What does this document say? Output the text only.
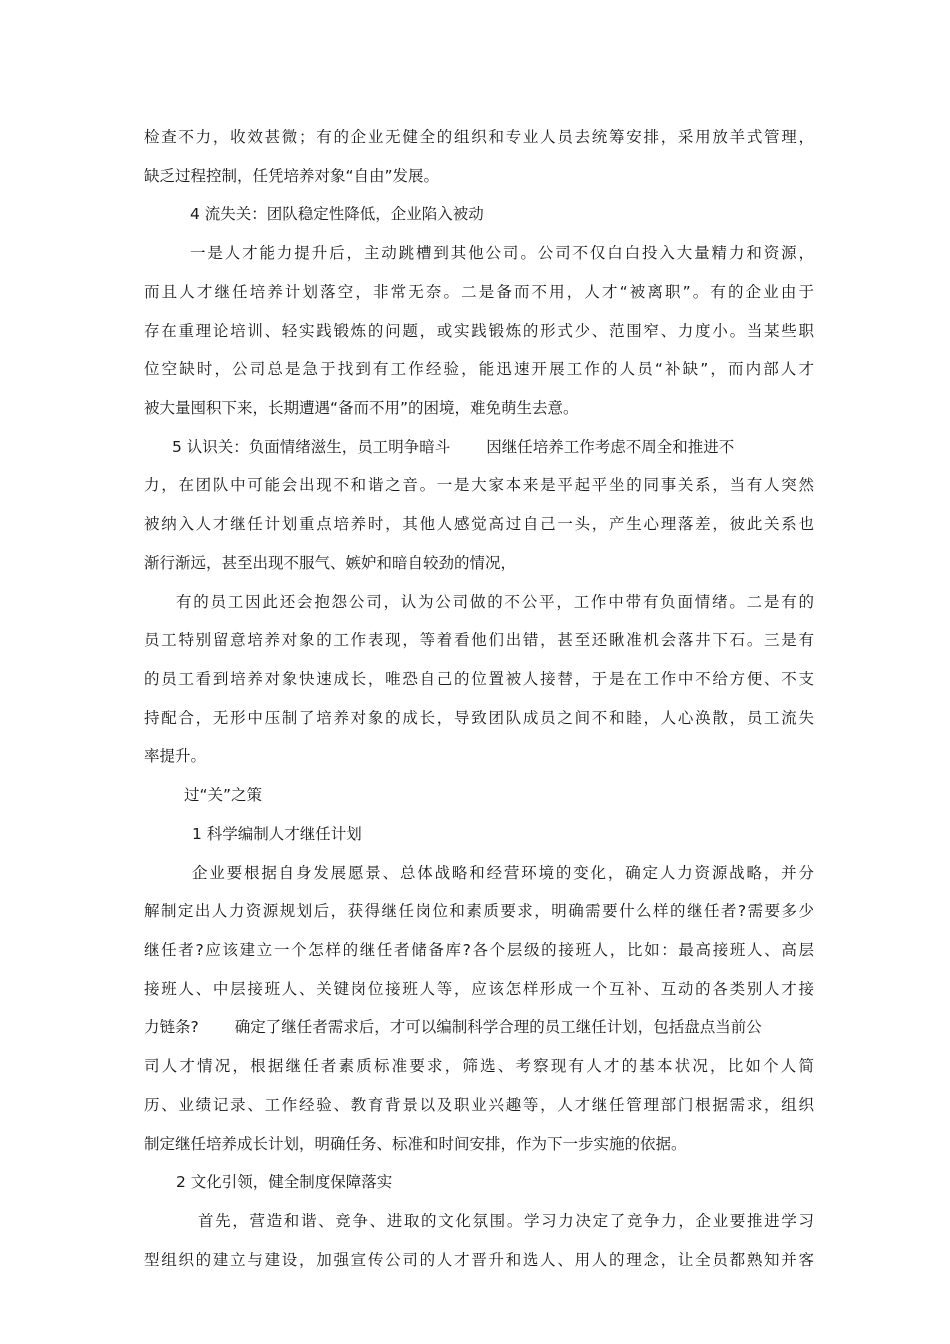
检查不力，收效甚微；有的企业无健全的组织和专业人员去统筹安排，采用放羊式管理，
缺乏过程控制，任凭培养对象“自由”发展。
4 流失关：团队稳定性降低，企业陷入被动
一是人才能力提升后，主动跳槽到其他公司。公司不仅白白投入大量精力和资源，
而且人才继任培养计划落空，非常无奈。二是备而不用，人才“被离职”。有的企业由于
存在重理论培训、轻实践锻炼的问题，或实践锻炼的形式少、范围窄、力度小。当某些职
位空缺时，公司总是急于找到有工作经验，能迅速开展工作的人员“补缺”，而内部人才
被大量囤积下来，长期遭遇“备而不用”的困境，难免萌生去意。
5 认识关：负面情绪滋生，员工明争暗斗 因继任培养工作考虑不周全和推进不
力，在团队中可能会出现不和谐之音。一是大家本来是平起平坐的同事关系，当有人突然
被纳入人才继任计划重点培养时，其他人感觉高过自己一头，产生心理落差，彼此关系也
渐行渐远，甚至出现不服气、嫉妒和暗自较劲的情况，
有的员工因此还会抱怨公司，认为公司做的不公平，工作中带有负面情绪。二是有的
员工特别留意培养对象的工作表现，等着看他们出错，甚至还瞅准机会落井下石。三是有
的员工看到培养对象快速成长，唯恐自己的位置被人接替，于是在工作中不给方便、不支
持配合，无形中压制了培养对象的成长，导致团队成员之间不和睦，人心涣散，员工流失
率提升。
过“关”之策
1 科学编制人才继任计划
企业要根据自身发展愿景、总体战略和经营环境的变化，确定人力资源战略，并分
解制定出人力资源规划后，获得继任岗位和素质要求，明确需要什么样的继任者?需要多少
继任者?应该建立一个怎样的继任者储备库?各个层级的接班人，比如：最高接班人、高层
接班人、中层接班人、关键岗位接班人等，应该怎样形成一个互补、互动的各类别人才接
力链条? 确定了继任者需求后，才可以编制科学合理的员工继任计划，包括盘点当前公
司人才情况，根据继任者素质标准要求，筛选、考察现有人才的基本状况，比如个人简
历、业绩记录、工作经验、教育背景以及职业兴趣等，人才继任管理部门根据需求，组织
制定继任培养成长计划，明确任务、标准和时间安排，作为下一步实施的依据。
2 文化引领，健全制度保障落实
首先，营造和谐、竞争、进取的文化氛围。学习力决定了竞争力，企业要推进学习
型组织的建立与建设，加强宣传公司的人才晋升和选人、用人的理念，让全员都熟知并客
